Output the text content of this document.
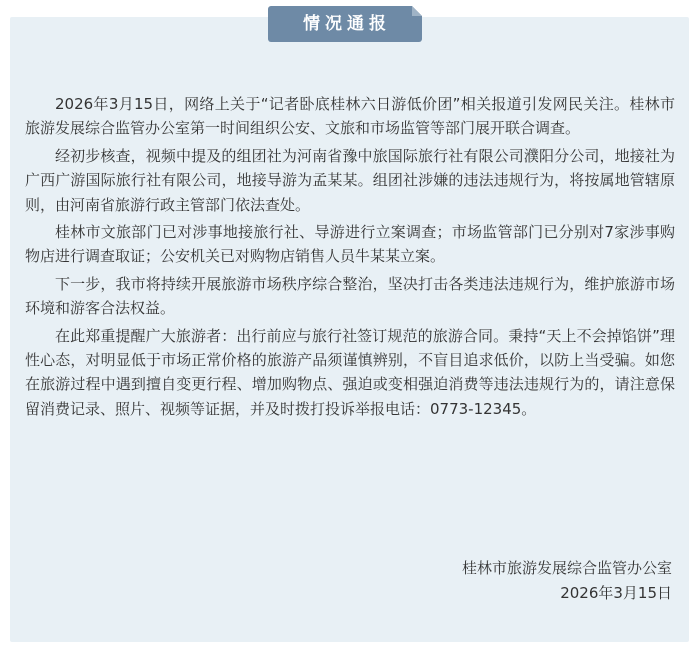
情况通报

2026年3月15日，网络上关于“记者卧底桂林六日游低价团”相关报道引发网民关注。桂林市旅游发展综合监管办公室第一时间组织公安、文旅和市场监管等部门展开联合调查。

经初步核查，视频中提及的组团社为河南省豫中旅国际旅行社有限公司濮阳分公司，地接社为广西广游国际旅行社有限公司，地接导游为孟某某。组团社涉嫌的违法违规行为，将按属地管辖原则，由河南省旅游行政主管部门依法查处。

桂林市文旅部门已对涉事地接旅行社、导游进行立案调查；市场监管部门已分别对7家涉事购物店进行调查取证；公安机关已对购物店销售人员牛某某立案。

下一步，我市将持续开展旅游市场秩序综合整治，坚决打击各类违法违规行为，维护旅游市场环境和游客合法权益。

在此郑重提醒广大旅游者：出行前应与旅行社签订规范的旅游合同。秉持“天上不会掉馅饼”理性心态，对明显低于市场正常价格的旅游产品须谨慎辨别，不盲目追求低价，以防上当受骗。如您在旅游过程中遇到擅自变更行程、增加购物点、强迫或变相强迫消费等违法违规行为的，请注意保留消费记录、照片、视频等证据，并及时拨打投诉举报电话：0773-12345。

桂林市旅游发展综合监管办公室
2026年3月15日
